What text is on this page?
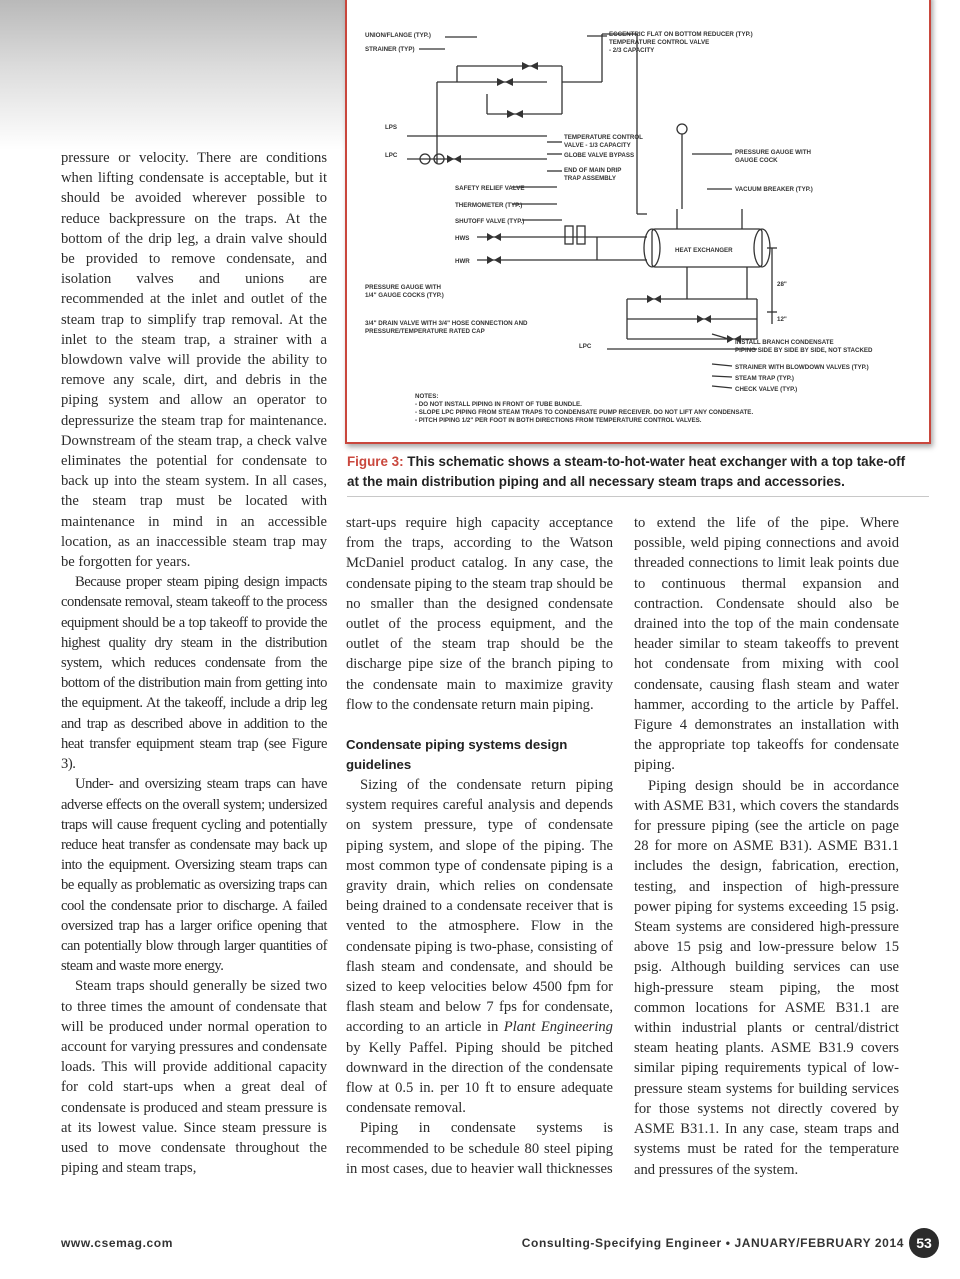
UNION/FLANGE (TYP.)
STRAINER (TYP)
ECCENTRIC FLAT ON BOTTOM REDUCER (TYP.)
TEMPERATURE CONTROL VALVE
- 2/3 CAPACITY
LPS
LPC
TEMPERATURE CONTROL
VALVE - 1/3 CAPACITY
GLOBE VALVE BYPASS
END OF MAIN DRIP
TRAP ASSEMBLY
PRESSURE GAUGE WITH
GAUGE COCK
VACUUM BREAKER (TYP.)
SAFETY RELIEF VALVE
THERMOMETER (TYP.)
SHUTOFF VALVE (TYP.)
HWS
HWR
HEAT EXCHANGER
28"
12"
PRESSURE GAUGE WITH
1/4" GAUGE COCKS (TYP.)
3/4" DRAIN VALVE WITH 3/4" HOSE CONNECTION AND
PRESSURE/TEMPERATURE RATED CAP
LPC
INSTALL BRANCH CONDENSATE
PIPING SIDE BY SIDE BY SIDE, NOT STACKED
STRAINER WITH BLOWDOWN VALVES (TYP.)
STEAM TRAP (TYP.)
CHECK VALVE (TYP.)
NOTES:
- DO NOT INSTALL PIPING IN FRONT OF TUBE BUNDLE.
- SLOPE LPC PIPING FROM STEAM TRAPS TO CONDENSATE PUMP RECEIVER. DO NOT LIFT ANY CONDENSATE.
- PITCH PIPING 1/2" PER FOOT IN BOTH DIRECTIONS FROM TEMPERATURE CONTROL VALVES.
Figure 3: This schematic shows a steam-to-hot-water heat exchanger with a top take-off at the main distribution piping and all necessary steam traps and accessories.

pressure or velocity. There are conditions when lifting condensate is acceptable, but it should be avoided wherever possible to reduce backpressure on the traps. At the bottom of the drip leg, a drain valve should be provided to remove condensate, and isolation valves and unions are recommended at the inlet and outlet of the steam trap to simplify trap removal. At the inlet to the steam trap, a strainer with a blowdown valve will provide the ability to remove any scale, dirt, and debris in the piping system and allow an operator to depressurize the steam trap for maintenance. Downstream of the steam trap, a check valve eliminates the potential for condensate to back up into the steam system. In all cases, the steam trap must be located with maintenance in mind in an accessible location, as an inaccessible steam trap may be forgotten for years.

Because proper steam piping design impacts condensate removal, steam takeoff to the process equipment should be a top takeoff to provide the highest quality dry steam in the distribution system, which reduces condensate from the bottom of the distribution main from getting into the equipment. At the takeoff, include a drip leg and trap as described above in addition to the heat transfer equipment steam trap (see Figure 3).

Under- and oversizing steam traps can have adverse effects on the overall system; undersized traps will cause frequent cycling and potentially reduce heat transfer as condensate may back up into the equipment. Oversizing steam traps can be equally as problematic as oversizing traps can cool the condensate prior to discharge. A failed oversized trap has a larger orifice opening that can potentially blow through larger quantities of steam and waste more energy.

Steam traps should generally be sized two to three times the amount of condensate that will be produced under normal operation to account for varying pressures and condensate loads. This will provide additional capacity for cold start-ups when a great deal of condensate is produced and steam pressure is at its lowest value. Since steam pressure is used to move condensate throughout the piping and steam traps,

start-ups require high capacity acceptance from the traps, according to the Watson McDaniel product catalog. In any case, the condensate piping to the steam trap should be no smaller than the designed condensate outlet of the process equipment, and the outlet of the steam trap should be the discharge pipe size of the branch piping to the condensate main to maximize gravity flow to the condensate return main piping.

Condensate piping systems design guidelines

Sizing of the condensate return piping system requires careful analysis and depends on system pressure, type of condensate piping system, and slope of the piping. The most common type of condensate piping is a gravity drain, which relies on condensate being drained to a condensate receiver that is vented to the atmosphere. Flow in the condensate piping is two-phase, consisting of flash steam and condensate, and should be sized to keep velocities below 4500 fpm for flash steam and below 7 fps for condensate, according to an article in Plant Engineering by Kelly Paffel. Piping should be pitched downward in the direction of the condensate flow at 0.5 in. per 10 ft to ensure adequate condensate removal.

Piping in condensate systems is recommended to be schedule 80 steel piping in most cases, due to heavier wall thicknesses

to extend the life of the pipe. Where possible, weld piping connections and avoid threaded connections to limit leak points due to continuous thermal expansion and contraction. Condensate should also be drained into the top of the main condensate header similar to steam takeoffs to prevent hot condensate from mixing with cool condensate, causing flash steam and water hammer, according to the article by Paffel. Figure 4 demonstrates an installation with the appropriate top takeoffs for condensate piping.

Piping design should be in accordance with ASME B31, which covers the standards for pressure piping (see the article on page 28 for more on ASME B31). ASME B31.1 includes the design, fabrication, erection, testing, and inspection of high-pressure power piping for systems exceeding 15 psig. Steam systems are considered high-pressure above 15 psig and low-pressure below 15 psig. Although building services can use high-pressure steam piping, the most common locations for ASME B31.1 are within industrial plants or central/district steam heating plants. ASME B31.9 covers similar piping requirements typical of low-pressure steam systems for building services for those systems not directly covered by ASME B31.1. In any case, steam traps and systems must be rated for the temperature and pressures of the system.

www.csemag.com	Consulting-Specifying Engineer • JANUARY/FEBRUARY 2014 53
